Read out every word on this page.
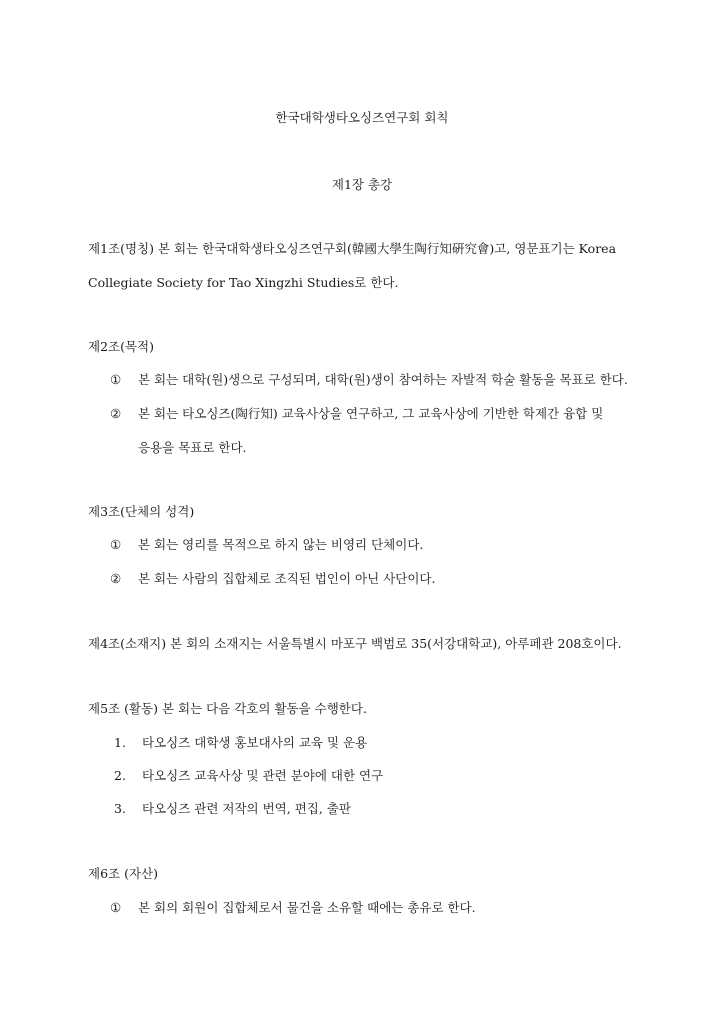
한국대학생타오싱즈연구회 회칙
제1장 총강
제1조(명칭) 본 회는 한국대학생타오싱즈연구회(韓國大學生陶行知硏究會)고, 영문표기는 Korea
Collegiate Society for Tao Xingzhi Studies로 한다.
제2조(목적)
① 본 회는 대학(원)생으로 구성되며, 대학(원)생이 참여하는 자발적 학술 활동을 목표로 한다.
② 본 회는 타오싱즈(陶行知) 교육사상을 연구하고, 그 교육사상에 기반한 학제간 융합 및
응용을 목표로 한다.
제3조(단체의 성격)
① 본 회는 영리를 목적으로 하지 않는 비영리 단체이다.
② 본 회는 사람의 집합체로 조직된 법인이 아닌 사단이다.
제4조(소재지) 본 회의 소재지는 서울특별시 마포구 백범로 35(서강대학교), 아루페관 208호이다.
제5조 (활동) 본 회는 다음 각호의 활동을 수행한다.
1. 타오싱즈 대학생 홍보대사의 교육 및 운용
2. 타오싱즈 교육사상 및 관련 분야에 대한 연구
3. 타오싱즈 관련 저작의 번역, 편집, 출판
제6조 (자산)
① 본 회의 회원이 집합체로서 물건을 소유할 때에는 총유로 한다.
